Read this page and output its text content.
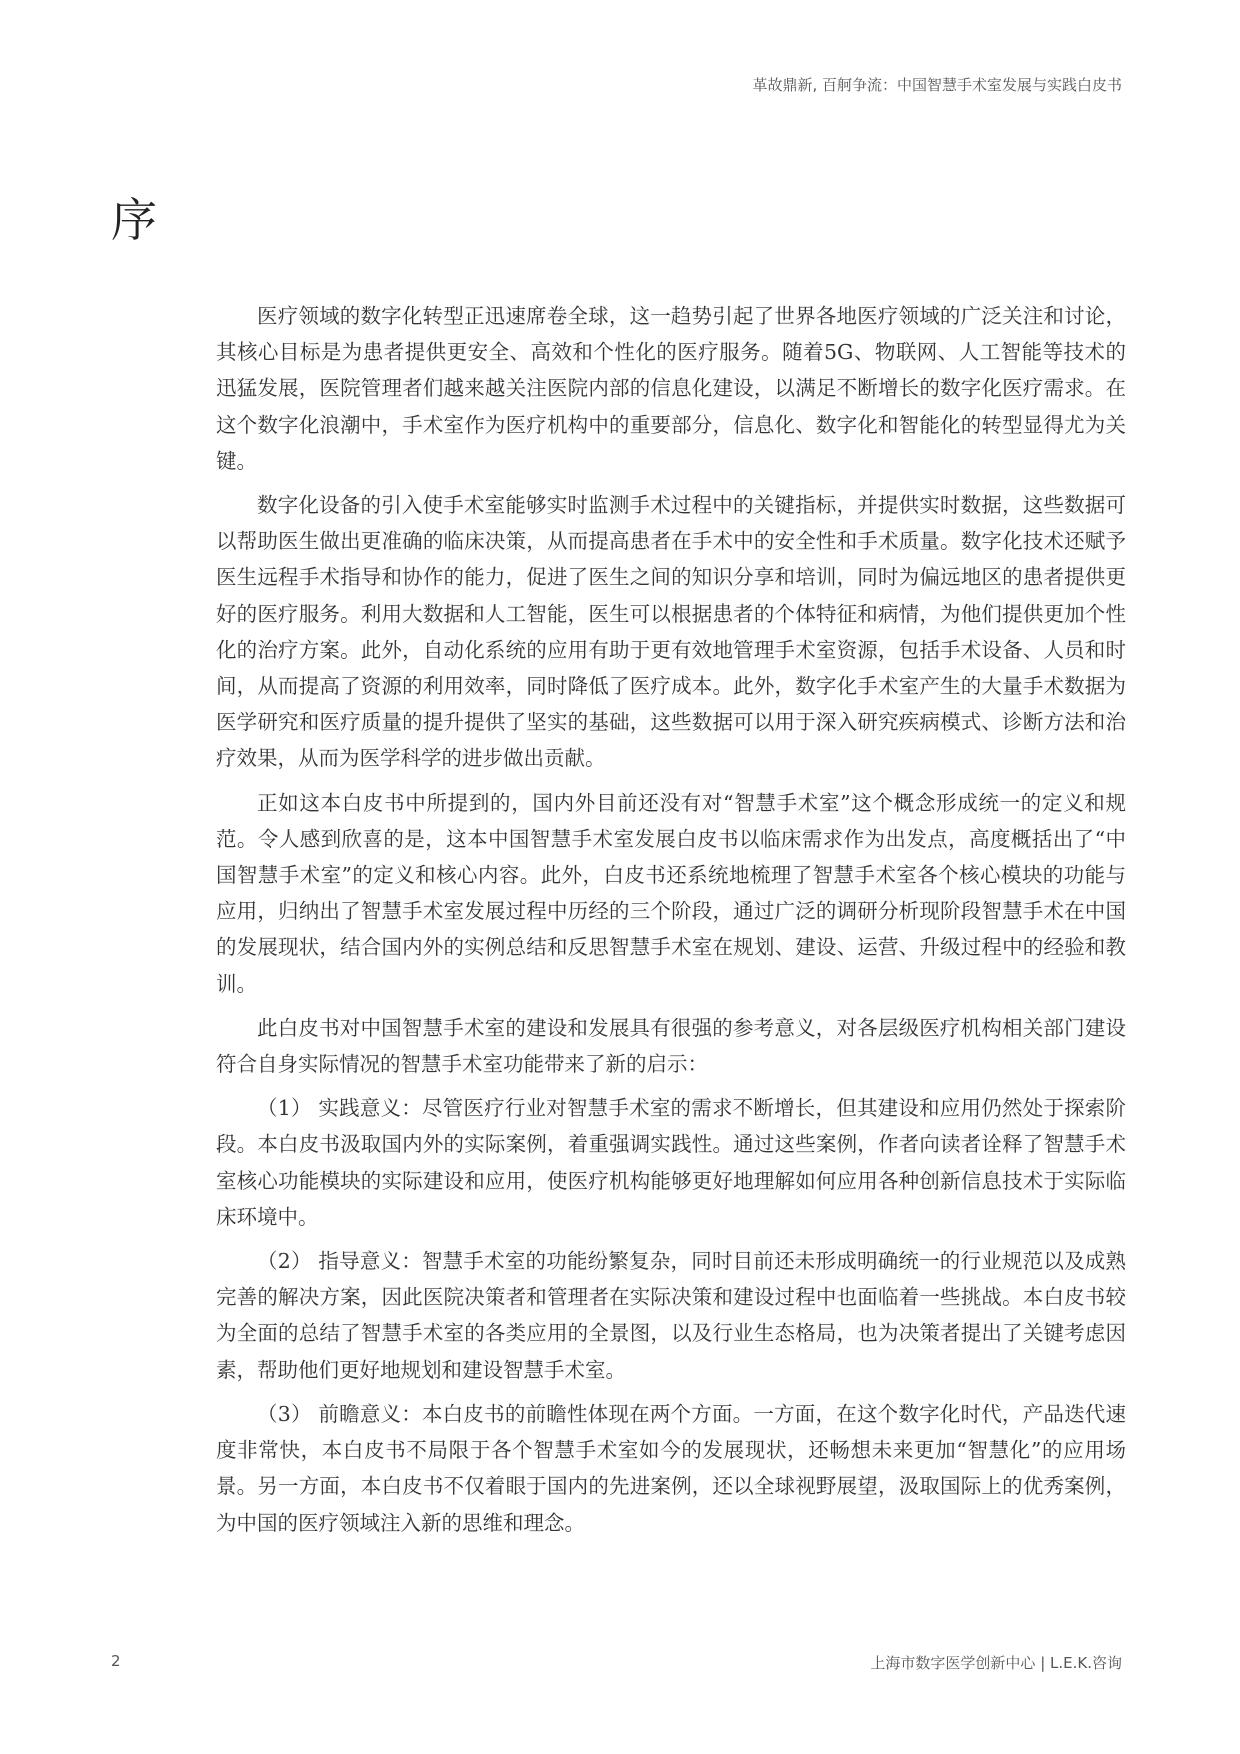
革故鼎新, 百舸争流：中国智慧手术室发展与实践白皮书
序

医疗领域的数字化转型正迅速席卷全球，这一趋势引起了世界各地医疗领域的广泛关注和讨论，其核心目标是为患者提供更安全、高效和个性化的医疗服务。随着5G、物联网、人工智能等技术的迅猛发展，医院管理者们越来越关注医院内部的信息化建设，以满足不断增长的数字化医疗需求。在这个数字化浪潮中，手术室作为医疗机构中的重要部分，信息化、数字化和智能化的转型显得尤为关键。

数字化设备的引入使手术室能够实时监测手术过程中的关键指标，并提供实时数据，这些数据可以帮助医生做出更准确的临床决策，从而提高患者在手术中的安全性和手术质量。数字化技术还赋予医生远程手术指导和协作的能力，促进了医生之间的知识分享和培训，同时为偏远地区的患者提供更好的医疗服务。利用大数据和人工智能，医生可以根据患者的个体特征和病情，为他们提供更加个性化的治疗方案。此外，自动化系统的应用有助于更有效地管理手术室资源，包括手术设备、人员和时间，从而提高了资源的利用效率，同时降低了医疗成本。此外，数字化手术室产生的大量手术数据为医学研究和医疗质量的提升提供了坚实的基础，这些数据可以用于深入研究疾病模式、诊断方法和治疗效果，从而为医学科学的进步做出贡献。

正如这本白皮书中所提到的，国内外目前还没有对“智慧手术室”这个概念形成统一的定义和规范。令人感到欣喜的是，这本中国智慧手术室发展白皮书以临床需求作为出发点，高度概括出了“中国智慧手术室”的定义和核心内容。此外，白皮书还系统地梳理了智慧手术室各个核心模块的功能与应用，归纳出了智慧手术室发展过程中历经的三个阶段，通过广泛的调研分析现阶段智慧手术在中国的发展现状，结合国内外的实例总结和反思智慧手术室在规划、建设、运营、升级过程中的经验和教训。

此白皮书对中国智慧手术室的建设和发展具有很强的参考意义，对各层级医疗机构相关部门建设符合自身实际情况的智慧手术室功能带来了新的启示：

（1） 实践意义：尽管医疗行业对智慧手术室的需求不断增长，但其建设和应用仍然处于探索阶段。本白皮书汲取国内外的实际案例，着重强调实践性。通过这些案例，作者向读者诠释了智慧手术室核心功能模块的实际建设和应用，使医疗机构能够更好地理解如何应用各种创新信息技术于实际临床环境中。

（2） 指导意义：智慧手术室的功能纷繁复杂，同时目前还未形成明确统一的行业规范以及成熟完善的解决方案，因此医院决策者和管理者在实际决策和建设过程中也面临着一些挑战。本白皮书较为全面的总结了智慧手术室的各类应用的全景图，以及行业生态格局，也为决策者提出了关键考虑因素，帮助他们更好地规划和建设智慧手术室。

（3） 前瞻意义：本白皮书的前瞻性体现在两个方面。一方面，在这个数字化时代，产品迭代速度非常快，本白皮书不局限于各个智慧手术室如今的发展现状，还畅想未来更加“智慧化”的应用场景。另一方面，本白皮书不仅着眼于国内的先进案例，还以全球视野展望，汲取国际上的优秀案例，为中国的医疗领域注入新的思维和理念。

2	上海市数字医学创新中心 | L.E.K.咨询
